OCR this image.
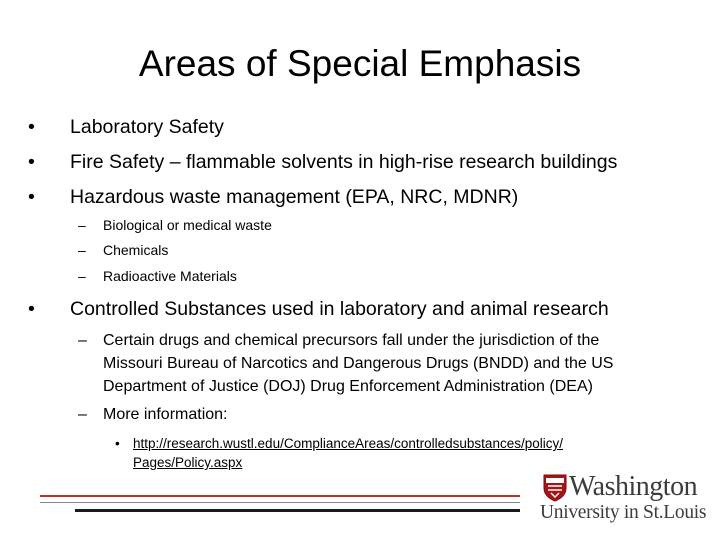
Areas of Special Emphasis
• Laboratory Safety
• Fire Safety – flammable solvents in high-rise research buildings
• Hazardous waste management (EPA, NRC, MDNR)
– Biological or medical waste
– Chemicals
– Radioactive Materials
• Controlled Substances used in laboratory and animal research
– Certain drugs and chemical precursors fall under the jurisdiction of the
Missouri Bureau of Narcotics and Dangerous Drugs (BNDD) and the US
Department of Justice (DOJ) Drug Enforcement Administration (DEA)
– More information:
• http://research.wustl.edu/ComplianceAreas/controlledsubstances/policy/
Pages/Policy.aspx
Washington
University in St.Louis
